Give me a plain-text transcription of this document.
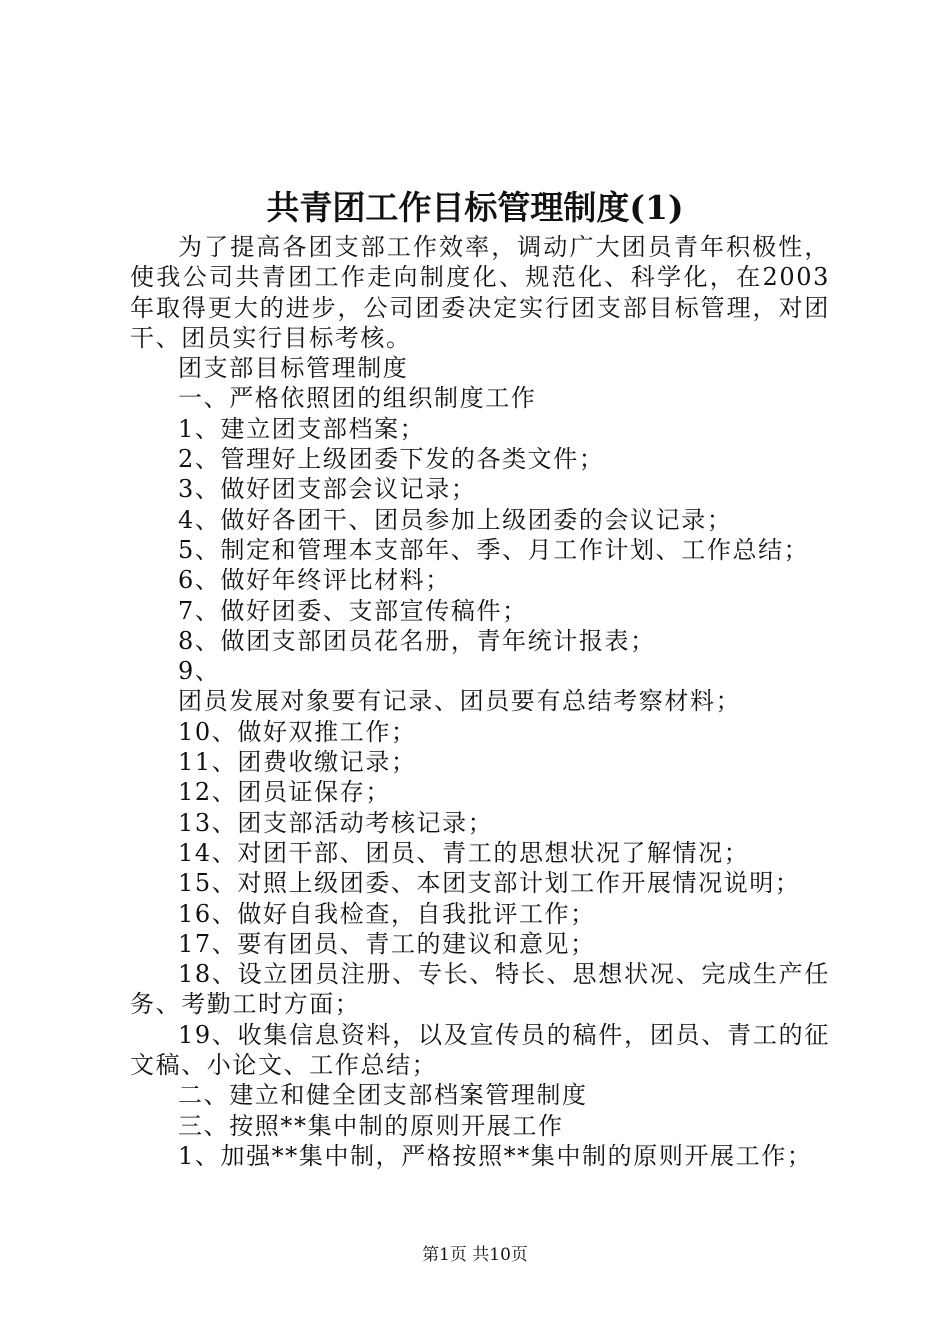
共青团工作目标管理制度(1)

为了提高各团支部工作效率，调动广大团员青年积极性，使我公司共青团工作走向制度化、规范化、科学化，在2003年取得更大的进步，公司团委决定实行团支部目标管理，对团干、团员实行目标考核。

团支部目标管理制度

一、严格依照团的组织制度工作

1、建立团支部档案；

2、管理好上级团委下发的各类文件；

3、做好团支部会议记录；

4、做好各团干、团员参加上级团委的会议记录；

5、制定和管理本支部年、季、月工作计划、工作总结；

6、做好年终评比材料；

7、做好团委、支部宣传稿件；

8、做团支部团员花名册，青年统计报表；

9、

团员发展对象要有记录、团员要有总结考察材料；

10、做好双推工作；

11、团费收缴记录；

12、团员证保存；

13、团支部活动考核记录；

14、对团干部、团员、青工的思想状况了解情况；

15、对照上级团委、本团支部计划工作开展情况说明；

16、做好自我检查，自我批评工作；

17、要有团员、青工的建议和意见；

18、设立团员注册、专长、特长、思想状况、完成生产任务、考勤工时方面；

19、收集信息资料，以及宣传员的稿件，团员、青工的征文稿、小论文、工作总结；

二、建立和健全团支部档案管理制度

三、按照**集中制的原则开展工作

1、加强**集中制，严格按照**集中制的原则开展工作；

第1页 共10页
